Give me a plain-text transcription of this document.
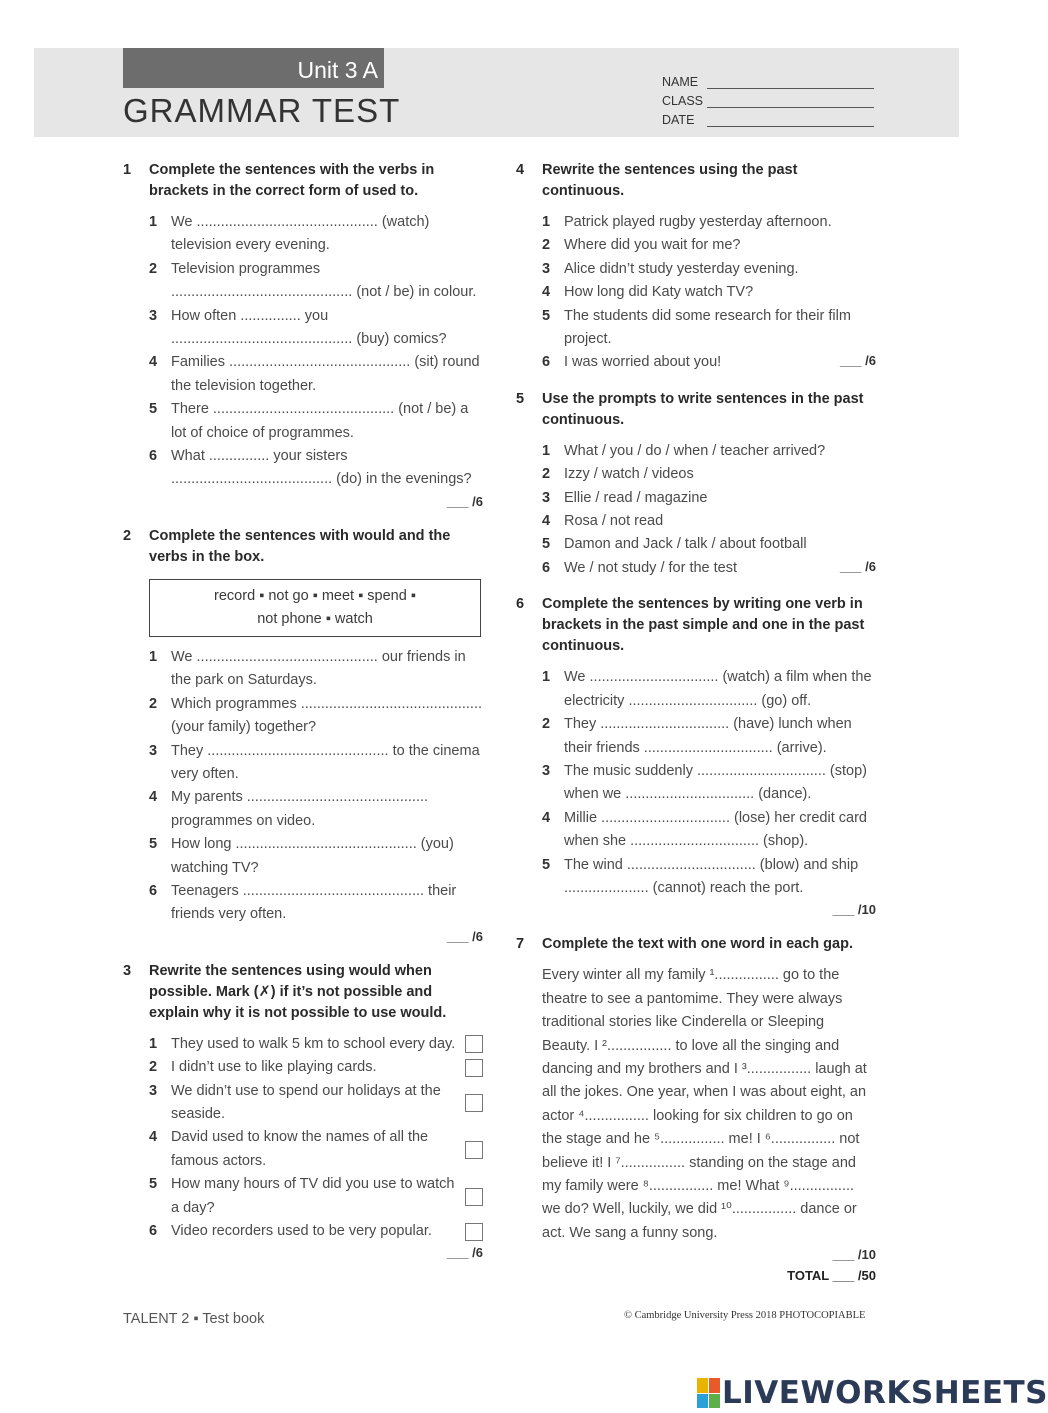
Unit 3 A
GRAMMAR TEST
NAME
CLASS
DATE
1	Complete the sentences with the verbs in brackets in the correct form of used to.
1 We ............................................. (watch) television every evening.
2 Television programmes ............................................. (not / be) in colour.
3 How often ............... you ............................................. (buy) comics?
4 Families ............................................. (sit) round the television together.
5 There ............................................. (not / be) a lot of choice of programmes.
6 What ............... your sisters ........................................ (do) in the evenings?
___ /6
2	Complete the sentences with would and the verbs in the box.
record ▪ not go ▪ meet ▪ spend ▪
not phone ▪ watch
1 We ............................................. our friends in the park on Saturdays.
2 Which programmes ............................................. (your family) together?
3 They ............................................. to the cinema very often.
4 My parents ............................................. programmes on video.
5 How long ............................................. (you) watching TV?
6 Teenagers ............................................. their friends very often.
___ /6
3	Rewrite the sentences using would when possible. Mark (✗) if it’s not possible and explain why it is not possible to use would.
1 They used to walk 5 km to school every day.
2 I didn’t use to like playing cards.
3 We didn’t use to spend our holidays at the seaside.
4 David used to know the names of all the famous actors.
5 How many hours of TV did you use to watch a day?
6 Video recorders used to be very popular.
___ /6
4	Rewrite the sentences using the past continuous.
1 Patrick played rugby yesterday afternoon.
2 Where did you wait for me?
3 Alice didn’t study yesterday evening.
4 How long did Katy watch TV?
5 The students did some research for their film project.
6 I was worried about you!	___ /6
5	Use the prompts to write sentences in the past continuous.
1 What / you / do / when / teacher arrived?
2 Izzy / watch / videos
3 Ellie / read / magazine
4 Rosa / not read
5 Damon and Jack / talk / about football
6 We / not study / for the test	___ /6
6	Complete the sentences by writing one verb in brackets in the past simple and one in the past continuous.
1 We ................................ (watch) a film when the electricity ................................ (go) off.
2 They ................................ (have) lunch when their friends ................................ (arrive).
3 The music suddenly ................................ (stop) when we ................................ (dance).
4 Millie ................................ (lose) her credit card when she ................................ (shop).
5 The wind ................................ (blow) and ship ..................... (cannot) reach the port.
___ /10
7	Complete the text with one word in each gap.
Every winter all my family ¹................ go to the theatre to see a pantomime. They were always traditional stories like Cinderella or Sleeping Beauty. I ²................ to love all the singing and dancing and my brothers and I ³................ laugh at all the jokes. One year, when I was about eight, an actor ⁴................ looking for six children to go on the stage and he ⁵................ me! I ⁶................ not believe it! I ⁷................ standing on the stage and my family were ⁸................ me! What ⁹................ we do? Well, luckily, we did ¹⁰................ dance or act. We sang a funny song.
___ /10
TOTAL ___ /50
TALENT 2 ▪ Test book	© Cambridge University Press 2018 PHOTOCOPIABLE
LIVEWORKSHEETS
